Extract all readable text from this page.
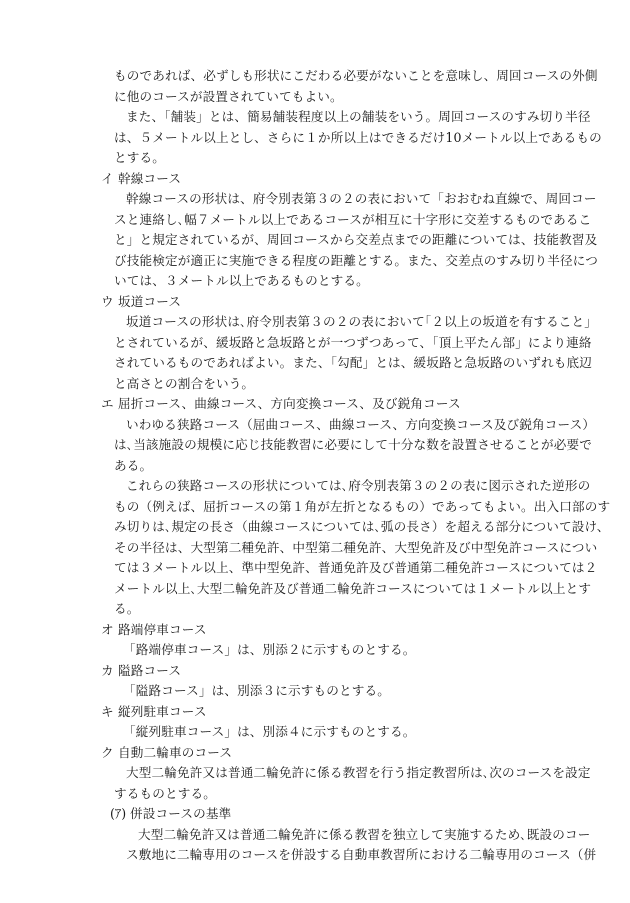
ものであれば、必ずしも形状にこだわる必要がないことを意味し、周回コースの外側
に他のコースが設置されていてもよい。
また、「舗装」とは、簡易舗装程度以上の舗装をいう。周回コースのすみ切り半径
は、５メートル以上とし、さらに１か所以上はできるだけ10メートル以上であるもの
とする。
イ 幹線コース
幹線コースの形状は、府令別表第３の２の表において「おおむね直線で、周回コー
スと連絡し､幅７メートル以上であるコースが相互に十字形に交差するものであるこ
と」と規定されているが、周回コースから交差点までの距離については、技能教習及
び技能検定が適正に実施できる程度の距離とする。また、交差点のすみ切り半径につ
いては、３メートル以上であるものとする。
ウ 坂道コース
坂道コースの形状は､府令別表第３の２の表において｢２以上の坂道を有すること｣
とされているが、緩坂路と急坂路とが一つずつあって、「頂上平たん部」により連絡
されているものであればよい。また、「勾配」とは、緩坂路と急坂路のいずれも底辺
と高さとの割合をいう。
エ 屈折コース、曲線コース、方向変換コース、及び鋭角コース
いわゆる狭路コース（屈曲コース、曲線コース、方向変換コース及び鋭角コース）
は､当該施設の規模に応じ技能教習に必要にして十分な数を設置させることが必要で
ある。
これらの狭路コースの形状については､府令別表第３の２の表に図示された逆形の
もの（例えば、屈折コースの第１角が左折となるもの）であってもよい。出入口部のす
み切りは､規定の長さ（曲線コースについては､弧の長さ）を超える部分について設け、
その半径は、大型第二種免許、中型第二種免許、大型免許及び中型免許コースについ
ては３メートル以上、準中型免許、普通免許及び普通第二種免許コースについては２
メートル以上､大型二輪免許及び普通二輪免許コースについては１メートル以上とす
る。
オ 路端停車コース
「路端停車コース」は、別添２に示すものとする。
カ 隘路コース
「隘路コース」は、別添３に示すものとする。
キ 縦列駐車コース
「縦列駐車コース」は、別添４に示すものとする。
ク 自動二輪車のコース
大型二輪免許又は普通二輪免許に係る教習を行う指定教習所は､次のコースを設定
するものとする。
(ｱ) 併設コースの基準
大型二輪免許又は普通二輪免許に係る教習を独立して実施するため､既設のコー
ス敷地に二輪専用のコースを併設する自動車教習所における二輪専用のコース（併
